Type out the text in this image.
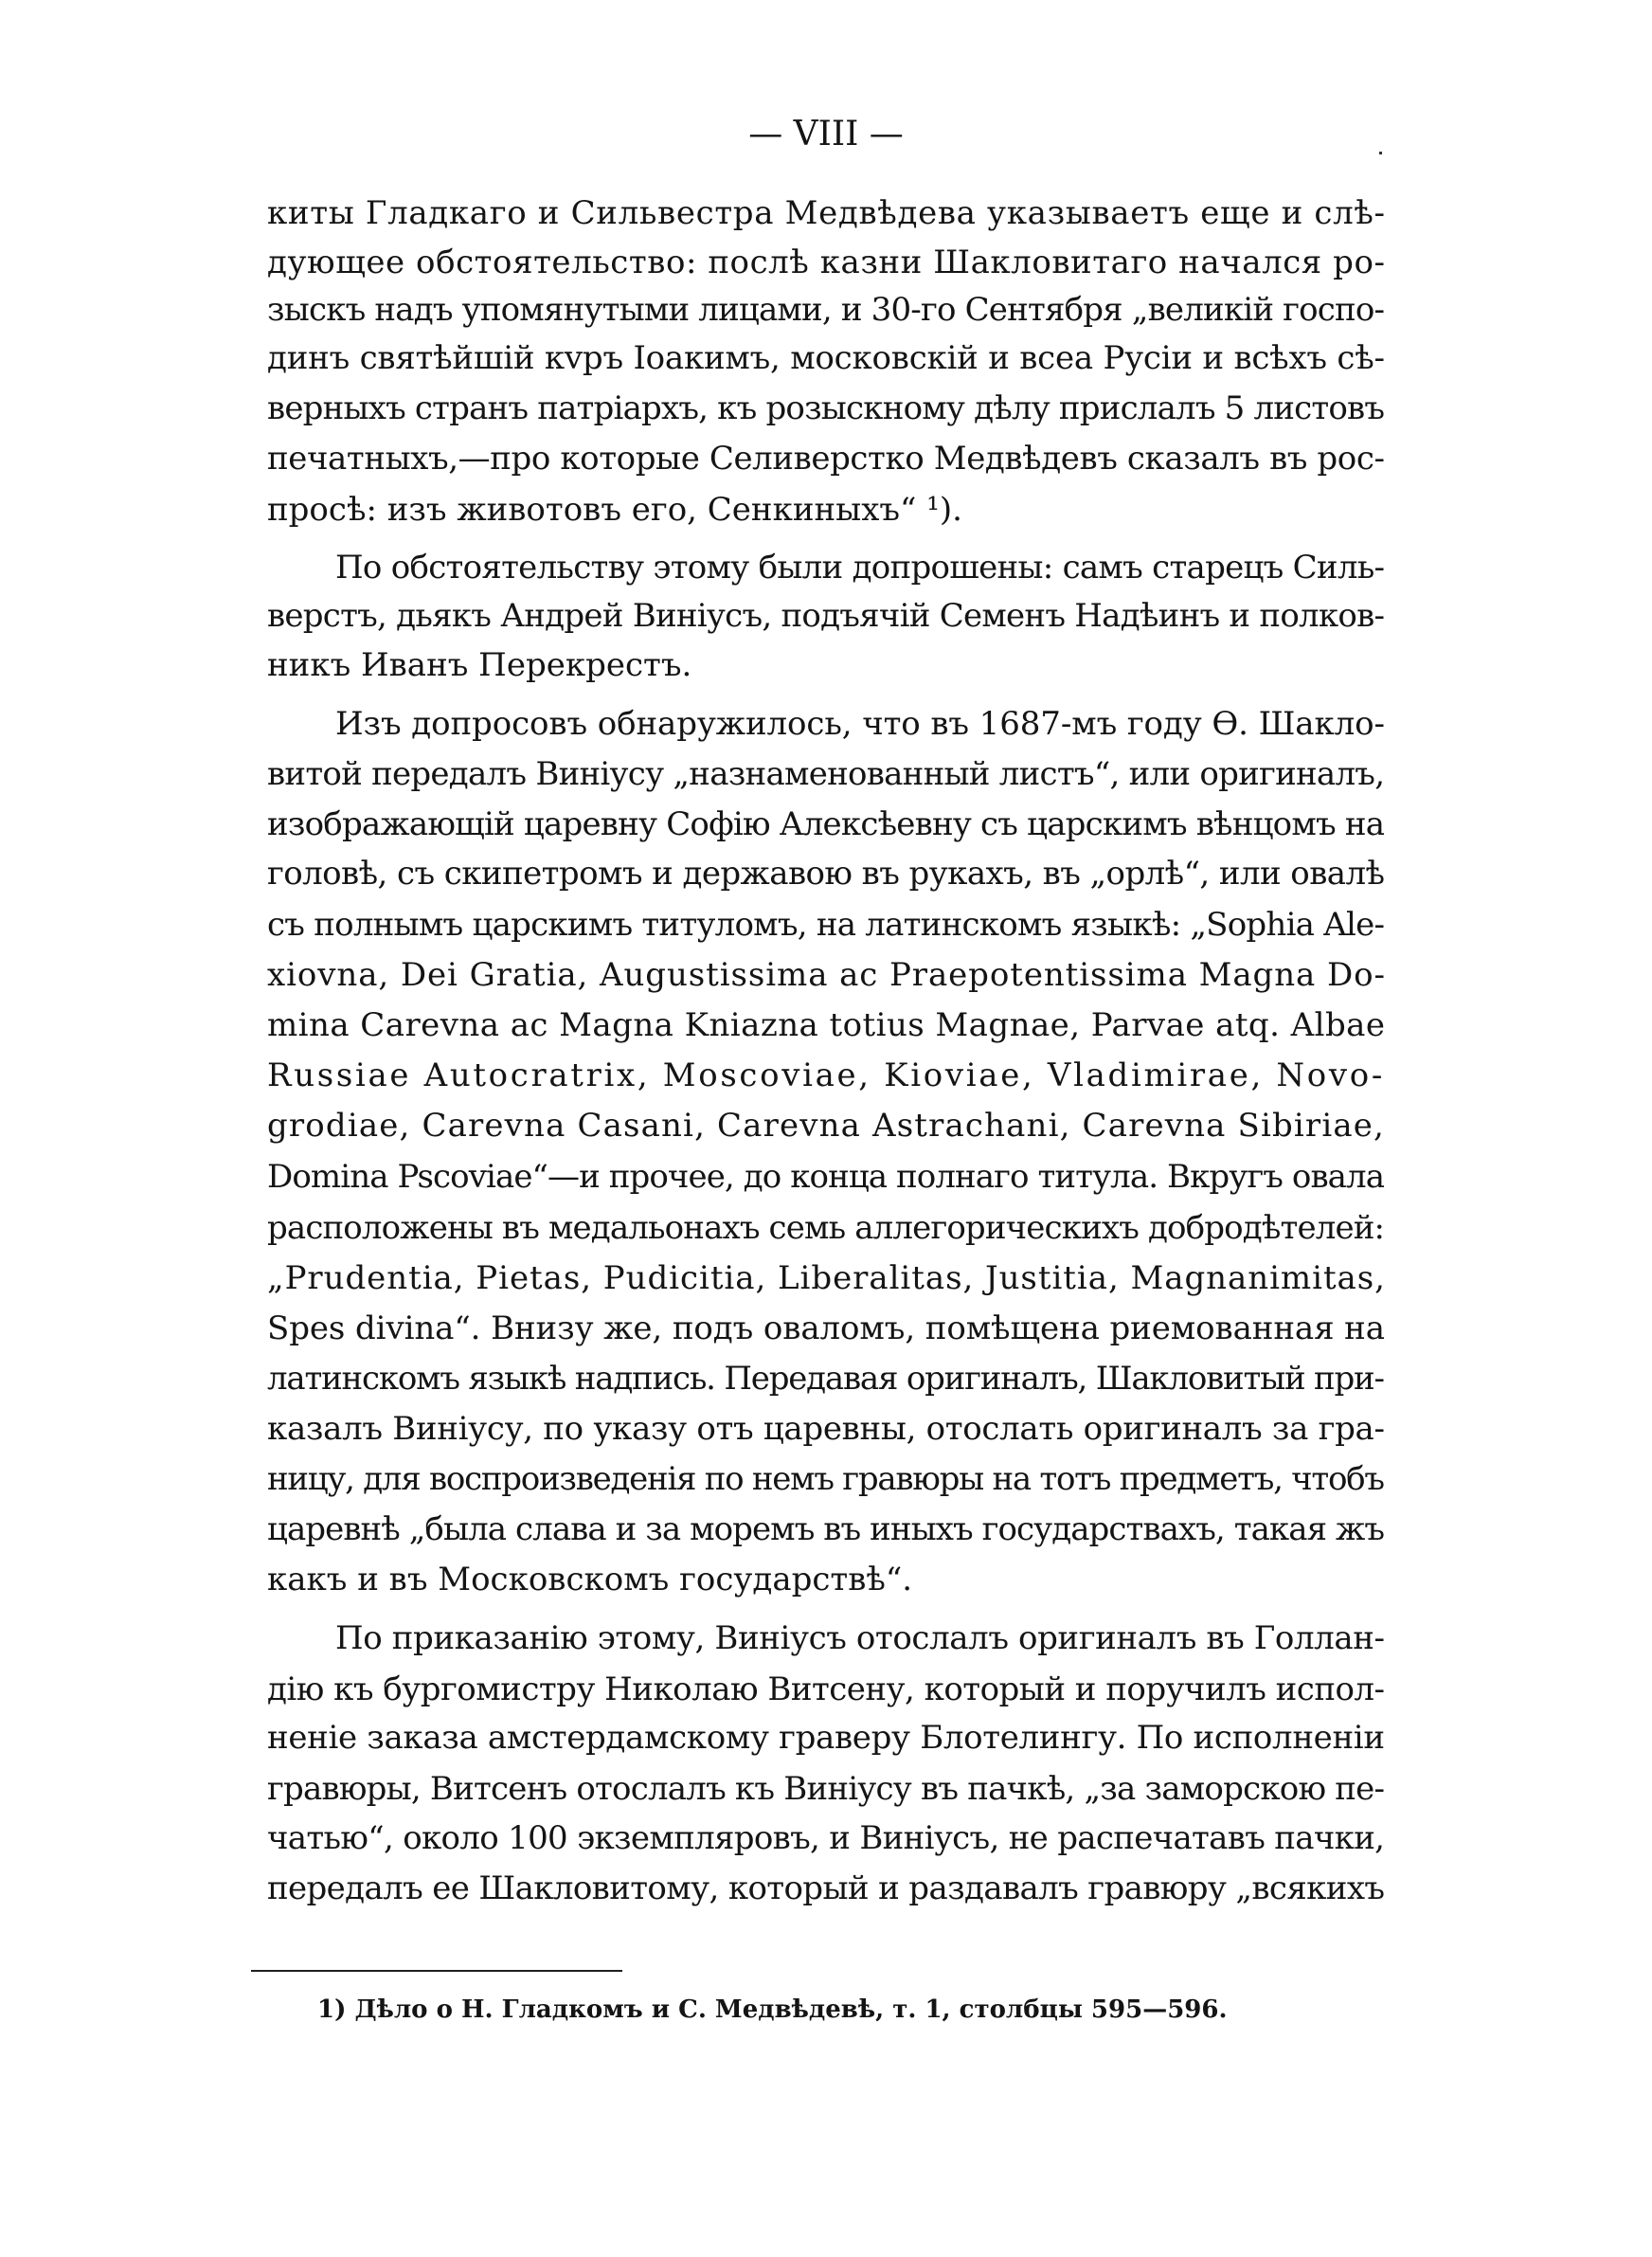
— VIII —
киты Гладкаго и Сильвестра Медвѣдева указываетъ еще и слѣ-
дующее обстоятельство: послѣ казни Шакловитаго начался ро-
зыскъ надъ упомянутыми лицами, и 30-го Сентября „великій госпо-
динъ святѣйшій кvръ Іоакимъ, московскій и всеа Русіи и всѣхъ сѣ-
верныхъ странъ патріархъ, къ розыскному дѣлу прислалъ 5 листовъ
печатныхъ,—про которые Селиверстко Медвѣдевъ сказалъ въ рос-
просѣ: изъ животовъ его, Сенкиныхъ“ ¹).
По обстоятельству этому были допрошены: самъ старецъ Силь-
верстъ, дьякъ Андрей Виніусъ, подъячій Семенъ Надѣинъ и полков-
никъ Иванъ Перекрестъ.
Изъ допросовъ обнаружилось, что въ 1687-мъ году Ѳ. Шакло-
витой передалъ Виніусу „назнаменованный листъ“, или оригиналъ,
изображающій царевну Софію Алексѣевну съ царскимъ вѣнцомъ на
головѣ, съ скипетромъ и державою въ рукахъ, въ „орлѣ“, или овалѣ
съ полнымъ царскимъ титуломъ, на латинскомъ языкѣ: „Sophia Ale-
xiovna, Dei Gratia, Augustissima ac Praepotentissima Magna Do-
mina Carevna ac Magna Kniazna totius Magnae, Parvae atq. Albae
Russiae Autocratrix, Moscoviae, Kioviae, Vladimirae, Novo-
grodiae, Carevna Casani, Carevna Astrachani, Carevna Sibiriae,
Domina Pscoviae“—и прочее, до конца полнаго титула. Вкругъ овала
расположены въ медальонахъ семь аллегорическихъ добродѣтелей:
„Prudentia, Pietas, Pudicitia, Liberalitas, Justitia, Magnanimitas,
Spes divina“. Внизу же, подъ оваломъ, помѣщена риемованная на
латинскомъ языкѣ надпись. Передавая оригиналъ, Шакловитый при-
казалъ Виніусу, по указу отъ царевны, отослать оригиналъ за гра-
ницу, для воспроизведенія по немъ гравюры на тотъ предметъ, чтобъ
царевнѣ „была слава и за моремъ въ иныхъ государствахъ, такая жъ
какъ и въ Московскомъ государствѣ“.
По приказанію этому, Виніусъ отослалъ оригиналъ въ Голлан-
дію къ бургомистру Николаю Витсену, который и поручилъ испол-
неніе заказа амстердамскому граверу Блотелингу. По исполненіи
гравюры, Витсенъ отослалъ къ Виніусу въ пачкѣ, „за заморскою пе-
чатью“, около 100 экземпляровъ, и Виніусъ, не распечатавъ пачки,
передалъ ее Шакловитому, который и раздавалъ гравюру „всякихъ
1) Дѣло о Н. Гладкомъ и С. Медвѣдевѣ, т. 1, столбцы 595—596.
